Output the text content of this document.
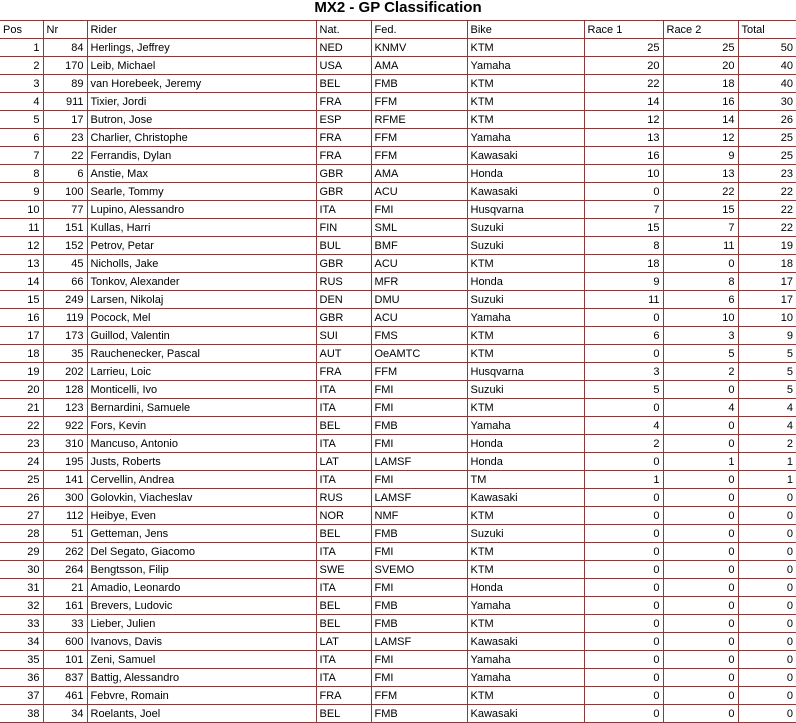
MX2 - GP Classification
Pos	Nr	Rider	Nat.	Fed.	Bike	Race 1	Race 2	Total
1	84	Herlings, Jeffrey	NED	KNMV	KTM	25	25	50
2	170	Leib, Michael	USA	AMA	Yamaha	20	20	40
3	89	van Horebeek, Jeremy	BEL	FMB	KTM	22	18	40
4	911	Tixier, Jordi	FRA	FFM	KTM	14	16	30
5	17	Butron, Jose	ESP	RFME	KTM	12	14	26
6	23	Charlier, Christophe	FRA	FFM	Yamaha	13	12	25
7	22	Ferrandis, Dylan	FRA	FFM	Kawasaki	16	9	25
8	6	Anstie, Max	GBR	AMA	Honda	10	13	23
9	100	Searle, Tommy	GBR	ACU	Kawasaki	0	22	22
10	77	Lupino, Alessandro	ITA	FMI	Husqvarna	7	15	22
11	151	Kullas, Harri	FIN	SML	Suzuki	15	7	22
12	152	Petrov, Petar	BUL	BMF	Suzuki	8	11	19
13	45	Nicholls, Jake	GBR	ACU	KTM	18	0	18
14	66	Tonkov, Alexander	RUS	MFR	Honda	9	8	17
15	249	Larsen, Nikolaj	DEN	DMU	Suzuki	11	6	17
16	119	Pocock, Mel	GBR	ACU	Yamaha	0	10	10
17	173	Guillod, Valentin	SUI	FMS	KTM	6	3	9
18	35	Rauchenecker, Pascal	AUT	OeAMTC	KTM	0	5	5
19	202	Larrieu, Loic	FRA	FFM	Husqvarna	3	2	5
20	128	Monticelli, Ivo	ITA	FMI	Suzuki	5	0	5
21	123	Bernardini, Samuele	ITA	FMI	KTM	0	4	4
22	922	Fors, Kevin	BEL	FMB	Yamaha	4	0	4
23	310	Mancuso, Antonio	ITA	FMI	Honda	2	0	2
24	195	Justs, Roberts	LAT	LAMSF	Honda	0	1	1
25	141	Cervellin, Andrea	ITA	FMI	TM	1	0	1
26	300	Golovkin, Viacheslav	RUS	LAMSF	Kawasaki	0	0	0
27	112	Heibye, Even	NOR	NMF	KTM	0	0	0
28	51	Getteman, Jens	BEL	FMB	Suzuki	0	0	0
29	262	Del Segato, Giacomo	ITA	FMI	KTM	0	0	0
30	264	Bengtsson, Filip	SWE	SVEMO	KTM	0	0	0
31	21	Amadio, Leonardo	ITA	FMI	Honda	0	0	0
32	161	Brevers, Ludovic	BEL	FMB	Yamaha	0	0	0
33	33	Lieber, Julien	BEL	FMB	KTM	0	0	0
34	600	Ivanovs, Davis	LAT	LAMSF	Kawasaki	0	0	0
35	101	Zeni, Samuel	ITA	FMI	Yamaha	0	0	0
36	837	Battig, Alessandro	ITA	FMI	Yamaha	0	0	0
37	461	Febvre, Romain	FRA	FFM	KTM	0	0	0
38	34	Roelants, Joel	BEL	FMB	Kawasaki	0	0	0
